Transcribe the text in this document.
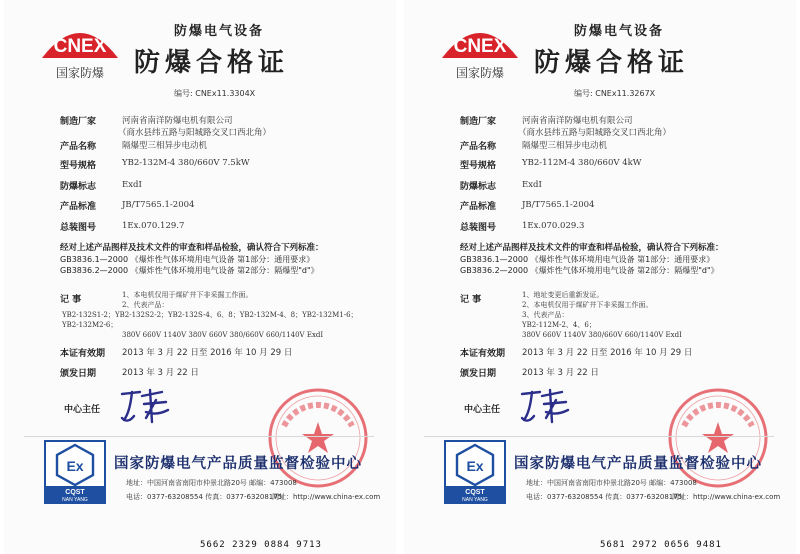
CNEX
国家防爆
防爆电气设备
防爆合格证
编号: CNEx11.3304X
制造厂家	河南省南洋防爆电机有限公司
（商水县纬五路与阳城路交叉口西北角）
产品名称	隔爆型三相异步电动机
型号规格	YB2-132M-4 380/660V 7.5kW
防爆标志	ExdI
产品标准	JB/T7565.1-2004
总装图号	1Ex.070.129.7
经对上述产品图样及技术文件的审查和样品检验，确认符合下列标准：
GB3836.1—2000 《爆炸性气体环境用电气设备 第1部分：通用要求》
GB3836.2—2000 《爆炸性气体环境用电气设备 第2部分：隔爆型"d"》
记 事	1、本电机仅用于煤矿井下非采掘工作面。
2、代表产品：
YB2-132S1-2；YB2-132S2-2；YB2-132S-4、6、8；YB2-132M-4、8；YB2-132M1-6；
YB2-132M2-6；
380V 660V 1140V 380V 660V 380/660V 660/1140V ExdI
本证有效期 2013 年 3 月 22 日至 2016 年 10 月 29 日
颁发日期	2013 年 3 月 22 日
中心主任
Ex
CQST
NAN YANG
国家防爆电气产品质量监督检验中心
地址：中国河南省南阳市仲景北路20号 邮编：473008
电话：0377-63208554 传真：0377-63208175
网址：http://www.china-ex.com
5662 2329 0884 9713
CNEX
国家防爆
防爆电气设备
防爆合格证
编号: CNEx11.3267X
制造厂家	河南省南洋防爆电机有限公司
（商水县纬五路与阳城路交叉口西北角）
产品名称	隔爆型三相异步电动机
型号规格	YB2-112M-4 380/660V 4kW
防爆标志	ExdI
产品标准	JB/T7565.1-2004
总装图号	1Ex.070.029.3
经对上述产品图样及技术文件的审查和样品检验，确认符合下列标准：
GB3836.1—2000 《爆炸性气体环境用电气设备 第1部分：通用要求》
GB3836.2—2000 《爆炸性气体环境用电气设备 第2部分：隔爆型"d"》
记 事	1、地址变更后重新发证。
2、本电机仅用于煤矿井下非采掘工作面。
3、代表产品：
YB2-112M-2、4、6；
380V 660V 1140V 380/660V 660/1140V ExdI
本证有效期 2013 年 3 月 22 日至 2016 年 10 月 29 日
颁发日期	2013 年 3 月 22 日
中心主任
Ex
CQST
NAN YANG
国家防爆电气产品质量监督检验中心
地址：中国河南省南阳市仲景北路20号 邮编：473008
电话：0377-63208554 传真：0377-63208175
网址：http://www.china-ex.com
5681 2972 0656 9481
